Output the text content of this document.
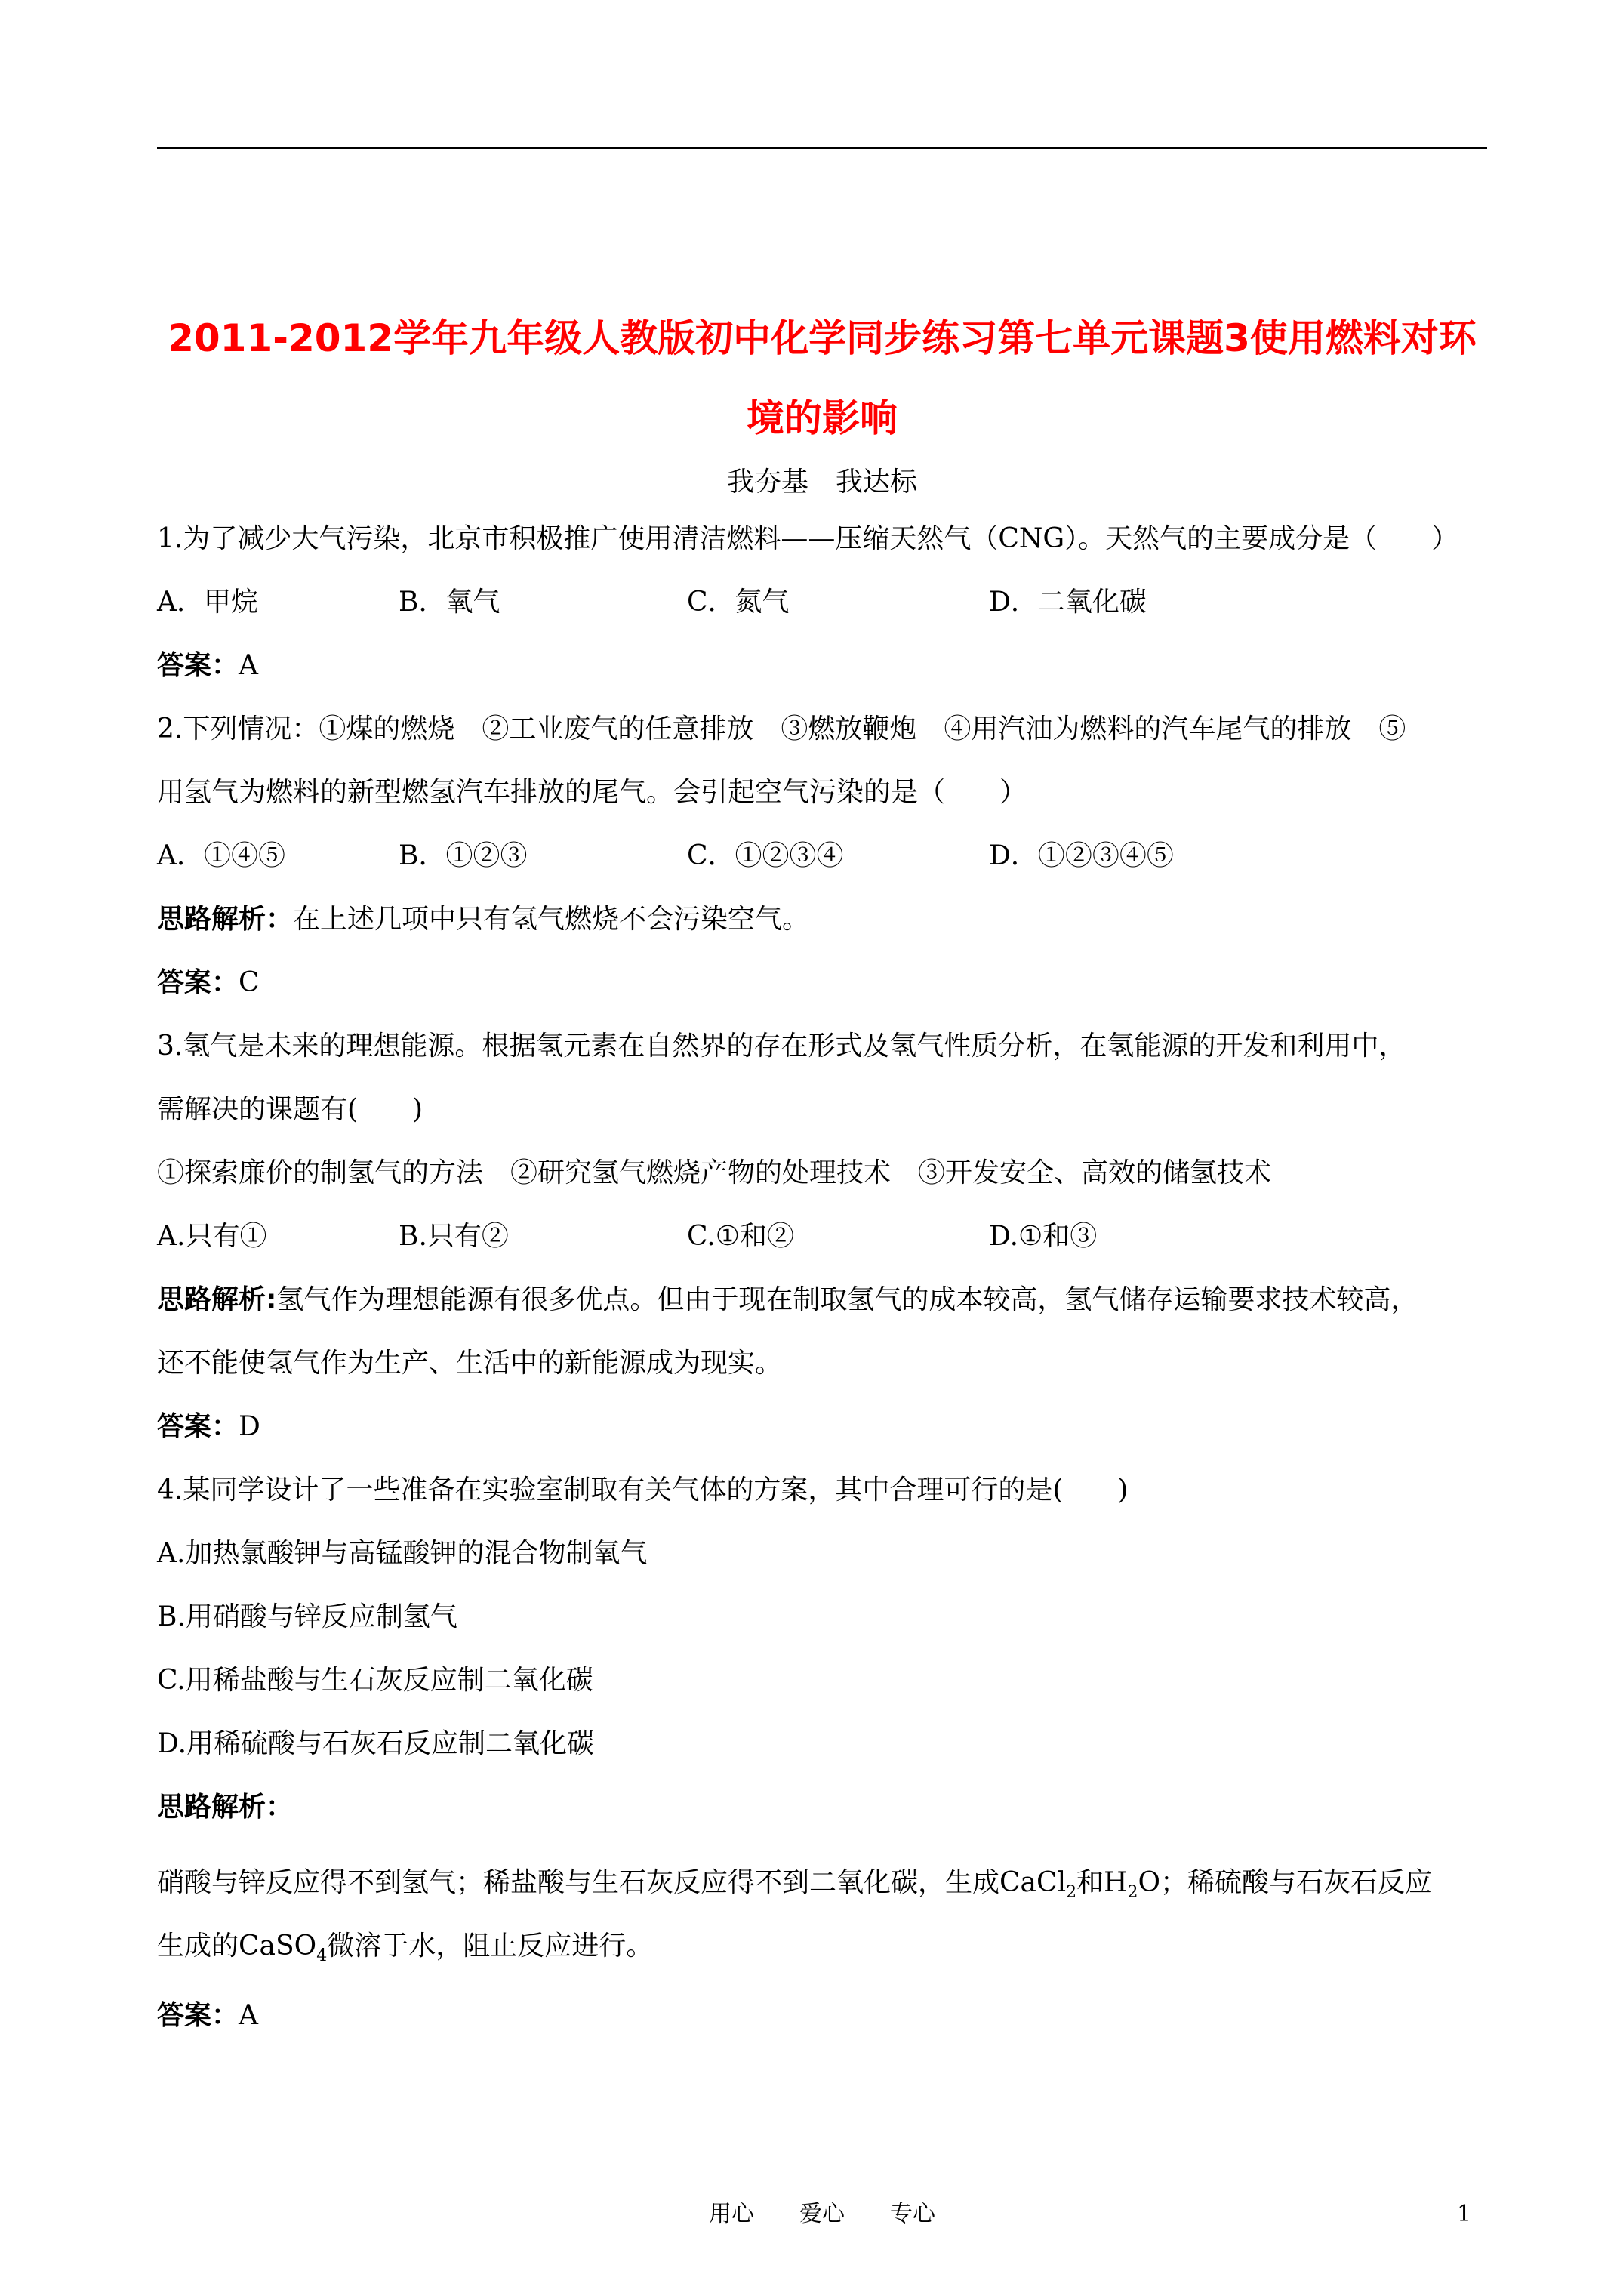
2011-2012学年九年级人教版初中化学同步练习第七单元课题3使用燃料对环
境的影响
我夯基　我达标
1.为了减少大气污染，北京市积极推广使用清洁燃料——压缩天然气（CNG）。天然气的主要成分是（　　）
A．甲烷	B．氧气	C．氮气	D．二氧化碳
答案：A
2.下列情况：①煤的燃烧　②工业废气的任意排放　③燃放鞭炮　④用汽油为燃料的汽车尾气的排放　⑤
用氢气为燃料的新型燃氢汽车排放的尾气。会引起空气污染的是（　　）
A．①④⑤	B．①②③	C．①②③④	D．①②③④⑤
思路解析：在上述几项中只有氢气燃烧不会污染空气。
答案：C
3.氢气是未来的理想能源。根据氢元素在自然界的存在形式及氢气性质分析，在氢能源的开发和利用中，
需解决的课题有(　　)
①探索廉价的制氢气的方法　②研究氢气燃烧产物的处理技术　③开发安全、高效的储氢技术
A.只有①	B.只有②	C.①和②	D.①和③
思路解析:氢气作为理想能源有很多优点。但由于现在制取氢气的成本较高，氢气储存运输要求技术较高，
还不能使氢气作为生产、生活中的新能源成为现实。
答案：D
4.某同学设计了一些准备在实验室制取有关气体的方案，其中合理可行的是(　　)
A.加热氯酸钾与高锰酸钾的混合物制氧气
B.用硝酸与锌反应制氢气
C.用稀盐酸与生石灰反应制二氧化碳
D.用稀硫酸与石灰石反应制二氧化碳
思路解析：
硝酸与锌反应得不到氢气；稀盐酸与生石灰反应得不到二氧化碳，生成CaCl$_2$和$H_2O$；稀硫酸与石灰石反应
生成的CaSO$_4$微溶于水，阻止反应进行。
答案：A
用心　　爱心　　专心	1
